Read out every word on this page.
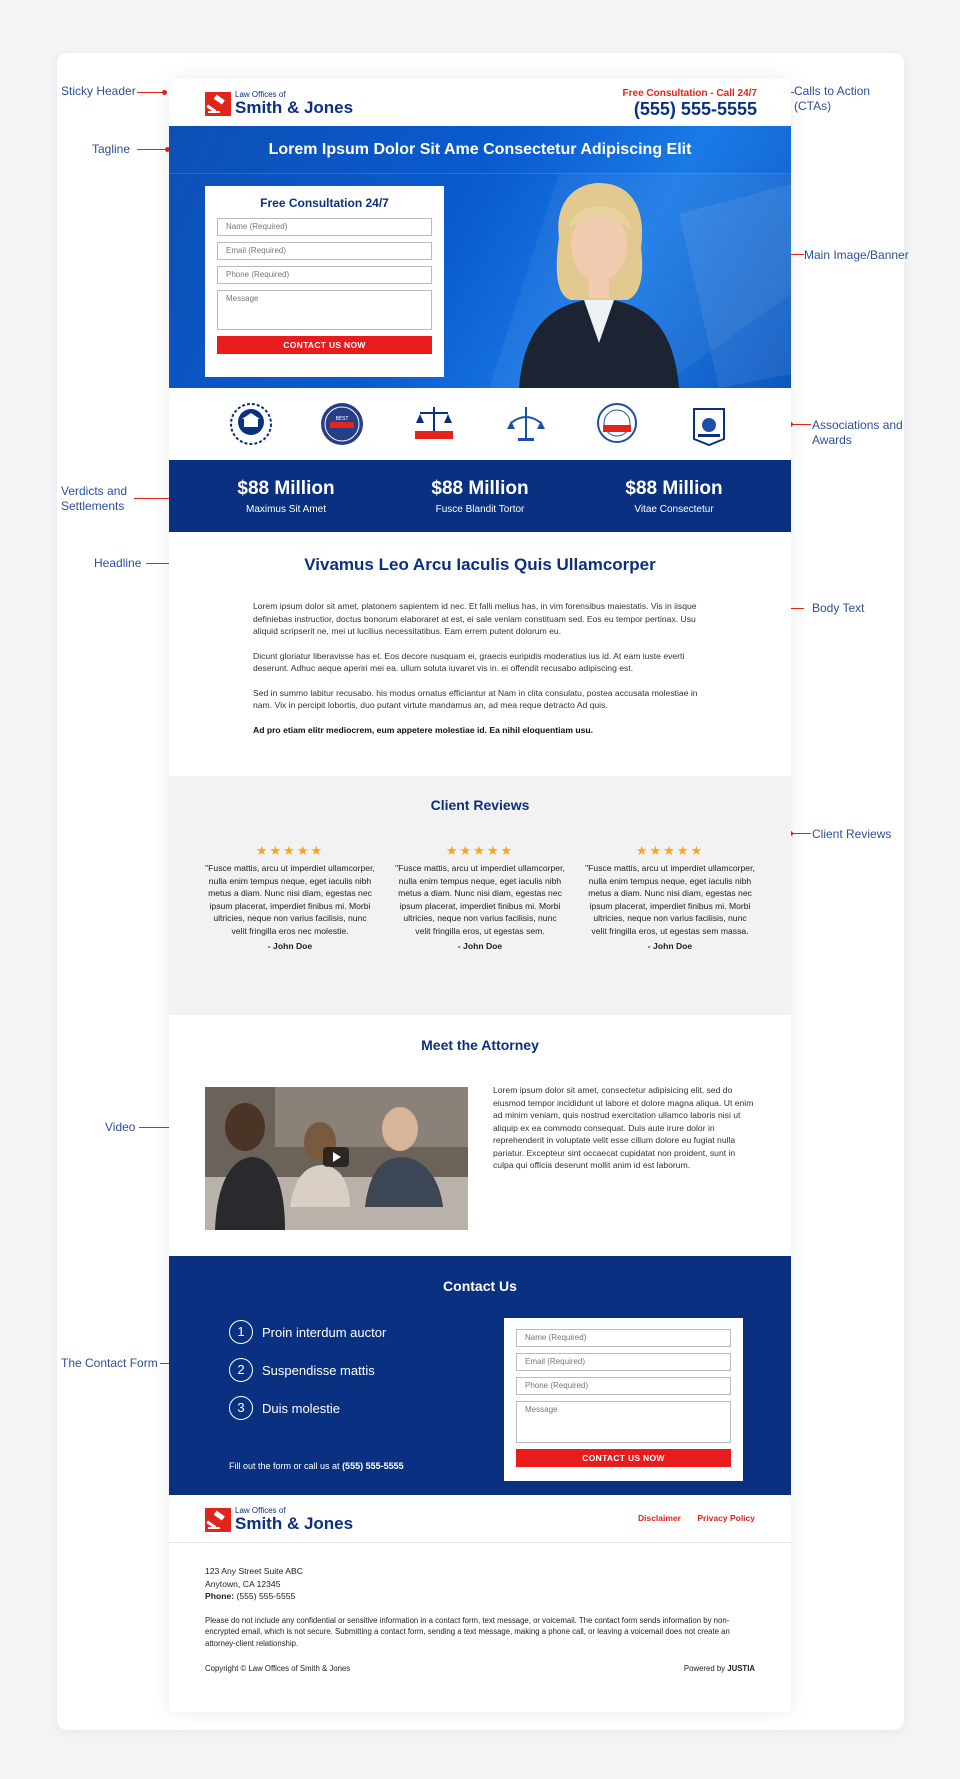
Sticky Header
Tagline
Verdicts and
Settlements
Headline
Video
The Contact Form
Calls to Action
(CTAs)
Main Image/Banner
Associations and
Awards
Body Text
Client Reviews
Law Offices of
Smith & Jones
Free Consultation - Call 24/7
(555) 555-5555
Lorem Ipsum Dolor Sit Ame Consectetur Adipiscing Elit
Free Consultation 24/7
Name (Required)
Email (Required)
Phone (Required)
Message
CONTACT US NOW
BEST
$88 Million
Maximus Sit Amet
$88 Million
Fusce Blandit Tortor
$88 Million
Vitae Consectetur
Vivamus Leo Arcu Iaculis Quis Ullamcorper

Lorem ipsum dolor sit amet, platonem sapientem id nec. Et falli melius has, in vim forensibus maiestatis. Vis in iisque definiebas instructior, doctus bonorum elaboraret at est, ei sale veniam constituam sed. Eos eu tempor pertinax. Usu aliquid scripserit ne, mei ut lucilius necessitatibus. Eam errem putent dolorum eu.

Dicunt gloriatur liberavisse has et. Eos decore nusquam ei, graecis euripidis moderatius ius id. At eam iuste everti deserunt. Adhuc aeque aperiri mei ea. ullum soluta iuvaret vis in. ei offendit recusabo adipiscing est.

Sed in summo labitur recusabo. his modus ornatus efficiantur at Nam in clita consulatu, postea accusata molestiae in nam. Vix in percipit lobortis, duo putant virtute mandamus an, ad mea reque detracto Ad quis.

Ad pro etiam elitr mediocrem, eum appetere molestiae id. Ea nihil eloquentiam usu.

Client Reviews
★★★★★
"Fusce mattis, arcu ut imperdiet ullamcorper, nulla enim tempus neque, eget iaculis nibh metus a diam. Nunc nisi diam, egestas nec ipsum placerat, imperdiet finibus mi. Morbi ultricies, neque non varius facilisis, nunc velit fringilla eros nec molestie.
- John Doe
★★★★★
"Fusce mattis, arcu ut imperdiet ullamcorper, nulla enim tempus neque, eget iaculis nibh metus a diam. Nunc nisi diam, egestas nec ipsum placerat, imperdiet finibus mi. Morbi ultricies, neque non varius facilisis, nunc velit fringilla eros, ut egestas sem.
- John Doe
★★★★★
"Fusce mattis, arcu ut imperdiet ullamcorper, nulla enim tempus neque, eget iaculis nibh metus a diam. Nunc nisi diam, egestas nec ipsum placerat, imperdiet finibus mi. Morbi ultricies, neque non varius facilisis, nunc velit fringilla eros, ut egestas sem massa.
- John Doe
Meet the Attorney
Lorem ipsum dolor sit amet, consectetur adipisicing elit, sed do eiusmod tempor incididunt ut labore et dolore magna aliqua. Ut enim ad minim veniam, quis nostrud exercitation ullamco laboris nisi ut aliquip ex ea commodo consequat. Duis aute irure dolor in reprehenderit in voluptate velit esse cillum dolore eu fugiat nulla pariatur. Excepteur sint occaecat cupidatat non proident, sunt in culpa qui officia deserunt mollit anim id est laborum.
Contact Us
1	Proin interdum auctor
2	Suspendisse mattis
3	Duis molestie
Fill out the form or call us at (555) 555-5555
Name (Required)
Email (Required)
Phone (Required)
Message
CONTACT US NOW
Law Offices of
Smith & Jones	Disclaimer Privacy Policy
123 Any Street Suite ABC
Anytown, CA 12345
Phone: (555) 555-5555
Please do not include any confidential or sensitive information in a contact form, text message, or voicemail. The contact form sends information by non-encrypted email, which is not secure. Submitting a contact form, sending a text message, making a phone call, or leaving a voicemail does not create an attorney-client relationship.
Copyright © Law Offices of Smith & Jones	Powered by JUSTIA
